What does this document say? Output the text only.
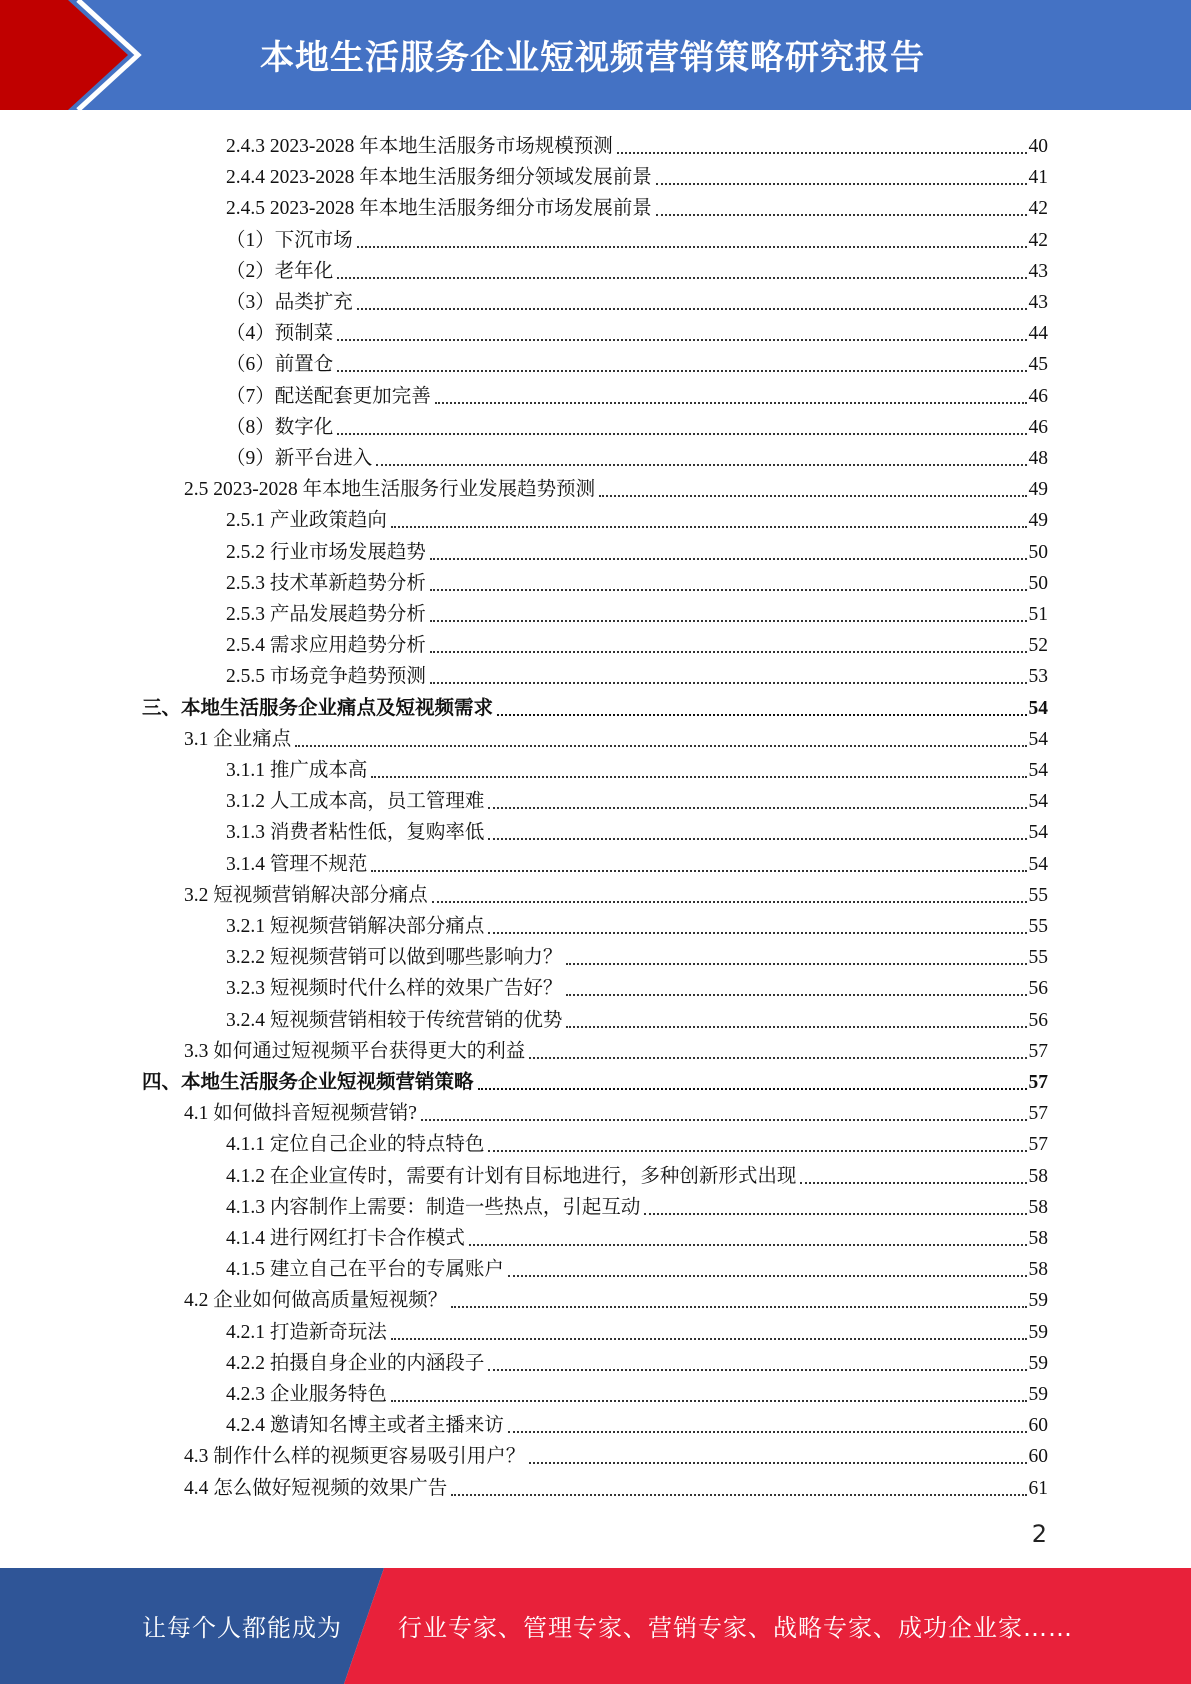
本地生活服务企业短视频营销策略研究报告
2.4.3 2023-2028 年本地生活服务市场规模预测	40
2.4.4 2023-2028 年本地生活服务细分领域发展前景	41
2.4.5 2023-2028 年本地生活服务细分市场发展前景	42
（1）下沉市场	42
（2）老年化	43
（3）品类扩充	43
（4）预制菜	44
（6）前置仓	45
（7）配送配套更加完善	46
（8）数字化	46
（9）新平台进入	48
2.5 2023-2028 年本地生活服务行业发展趋势预测	49
2.5.1 产业政策趋向	49
2.5.2 行业市场发展趋势	50
2.5.3 技术革新趋势分析	50
2.5.3 产品发展趋势分析	51
2.5.4 需求应用趋势分析	52
2.5.5 市场竞争趋势预测	53
三、本地生活服务企业痛点及短视频需求	54
3.1 企业痛点	54
3.1.1 推广成本高	54
3.1.2 人工成本高，员工管理难	54
3.1.3 消费者粘性低，复购率低	54
3.1.4 管理不规范	54
3.2 短视频营销解决部分痛点	55
3.2.1 短视频营销解决部分痛点	55
3.2.2 短视频营销可以做到哪些影响力？	55
3.2.3 短视频时代什么样的效果广告好？	56
3.2.4 短视频营销相较于传统营销的优势	56
3.3 如何通过短视频平台获得更大的利益	57
四、本地生活服务企业短视频营销策略	57
4.1 如何做抖音短视频营销?	57
4.1.1 定位自己企业的特点特色	57
4.1.2 在企业宣传时，需要有计划有目标地进行，多种创新形式出现	58
4.1.3 内容制作上需要：制造一些热点，引起互动	58
4.1.4 进行网红打卡合作模式	58
4.1.5 建立自己在平台的专属账户	58
4.2 企业如何做高质量短视频？	59
4.2.1 打造新奇玩法	59
4.2.2 拍摄自身企业的内涵段子	59
4.2.3 企业服务特色	59
4.2.4 邀请知名博主或者主播来访	60
4.3 制作什么样的视频更容易吸引用户？	60
4.4 怎么做好短视频的效果广告	61
2
让每个人都能成为 行业专家、管理专家、营销专家、战略专家、成功企业家……
